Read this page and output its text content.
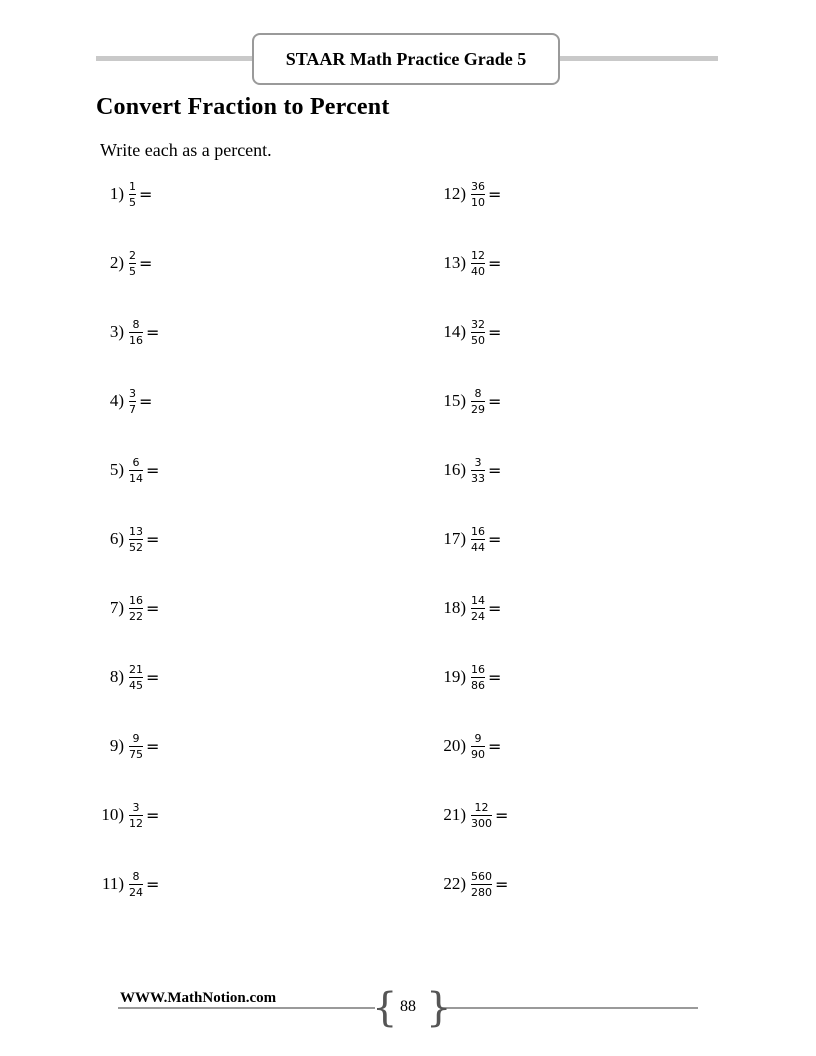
STAAR Math Practice Grade 5
Convert Fraction to Percent
Write each as a percent.
$1) \frac{1}{5}$ =
$2) \frac{2}{5}$ =
$3) \frac{8}{16}$ =
$4) \frac{3}{7}$ =
$5) \frac{6}{14}$ =
$6) \frac{13}{52}$ =
$7) \frac{16}{22}$ =
$8) \frac{21}{45}$ =
$9) \frac{9}{75}$ =
$10) \frac{3}{12}$ =
$11) \frac{8}{24}$ =
$12) \frac{36}{10}$ =
$13) \frac{12}{40}$ =
$14) \frac{32}{50}$ =
$15) \frac{8}{29}$ =
$16) \frac{3}{33}$ =
$17) \frac{16}{44}$ =
$18) \frac{14}{24}$ =
$19) \frac{16}{86}$ =
$20) \frac{9}{90}$ =
$21) \frac{12}{300}$ =
$22) \frac{560}{280}$ =
WWW.MathNotion.com { }
88
